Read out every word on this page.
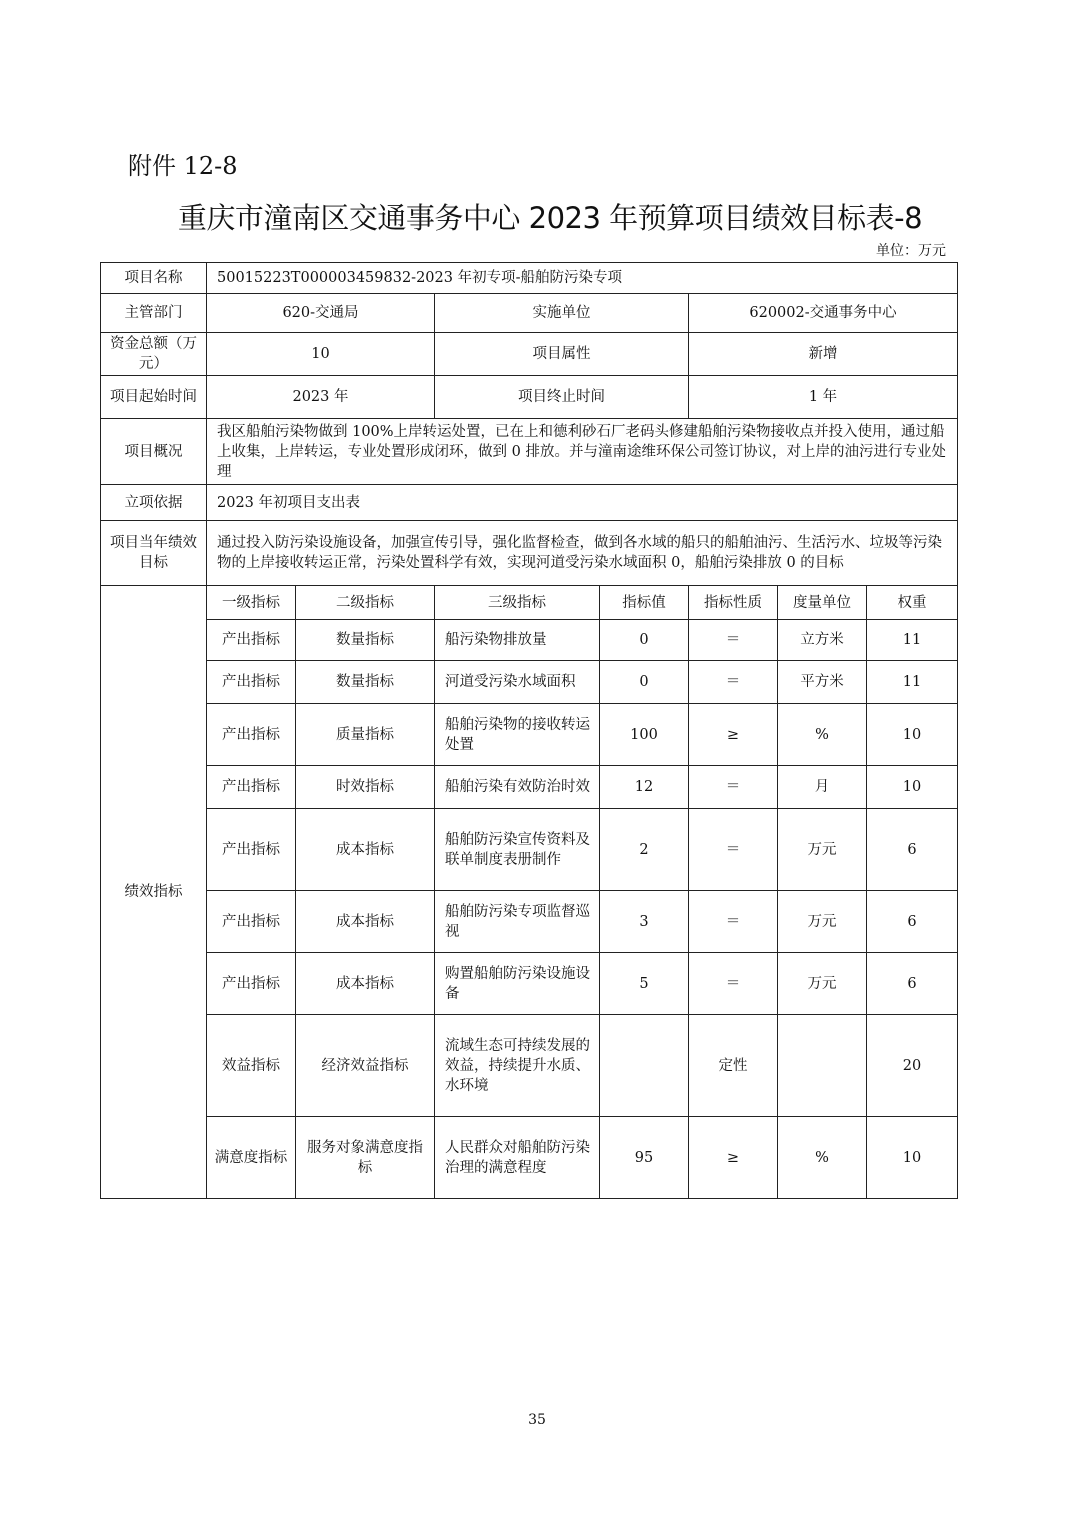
附件 12-8
重庆市潼南区交通事务中心 2023 年预算项目绩效目标表-8
单位：万元
项目名称	50015223T000003459832-2023 年初专项-船舶防污染专项						
主管部门	620-交通局		实施单位		620002-交通事务中心		
资金总额（万元）	10		项目属性		新增		
项目起始时间	2023 年		项目终止时间		1 年		
项目概况	我区船舶污染物做到 100%上岸转运处置，已在上和德利砂石厂老码头修建船舶污染物接收点并投入使用，通过船上收集，上岸转运，专业处置形成闭环，做到 0 排放。并与潼南途维环保公司签订协议，对上岸的油污进行专业处理						
立项依据	2023 年初项目支出表						
项目当年绩效目标	通过投入防污染设施设备，加强宣传引导，强化监督检查，做到各水域的船只的船舶油污、生活污水、垃圾等污染物的上岸接收转运正常，污染处置科学有效，实现河道受污染水域面积 0，船舶污染排放 0 的目标						
绩效指标	一级指标	二级指标	三级指标	指标值	指标性质	度量单位	权重
	产出指标	数量指标	船污染物排放量	0	＝	立方米	11
	产出指标	数量指标	河道受污染水域面积	0	＝	平方米	11
	产出指标	质量指标	船舶污染物的接收转运处置	100	≥	%	10
	产出指标	时效指标	船舶污染有效防治时效	12	＝	月	10
	产出指标	成本指标	船舶防污染宣传资料及联单制度表册制作	2	＝	万元	6
	产出指标	成本指标	船舶防污染专项监督巡视	3	＝	万元	6
	产出指标	成本指标	购置船舶防污染设施设备	5	＝	万元	6
	效益指标	经济效益指标	流域生态可持续发展的效益，持续提升水质、水环境		定性		20
	满意度指标	服务对象满意度指标	人民群众对船舶防污染治理的满意程度	95	≥	%	10
35
